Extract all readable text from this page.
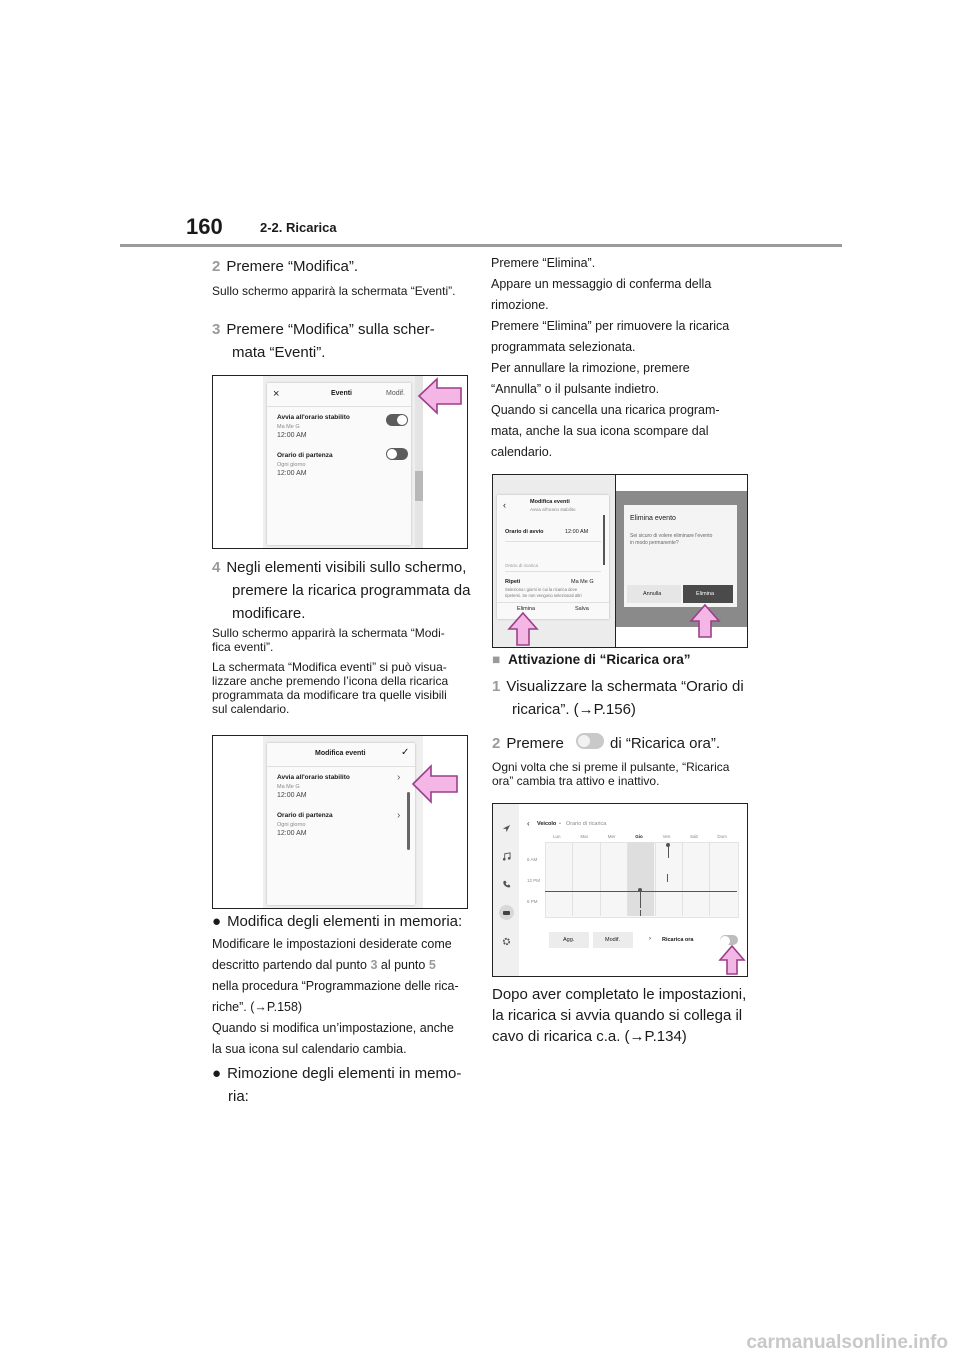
160	2-2. Ricarica
2 Premere “Modifica”.
Sullo schermo apparirà la schermata “Eventi”.
3 Premere “Modifica” sulla scher-
mata “Eventi”.
×	Eventi	Modif.
Avvia all'orario stabilito
Ma Me G
12:00 AM
Orario di partenza
Ogni giorno
12:00 AM
4 Negli elementi visibili sullo schermo,
premere la ricarica programmata da
modificare.
Sullo schermo apparirà la schermata “Modi-
fica eventi”.
La schermata “Modifica eventi” si può visua-
lizzare anche premendo l’icona della ricarica
programmata da modificare tra quelle visibili
sul calendario.
Modifica eventi	✓
Avvia all'orario stabilito
Ma Me G
12:00 AM
›
Orario di partenza
Ogni giorno
12:00 AM
›
● Modifica degli elementi in memoria:
Modificare le impostazioni desiderate come
descritto partendo dal punto 3 al punto 5
nella procedura “Programmazione delle rica-
riche”. (→P.158)
Quando si modifica un’impostazione, anche
la sua icona sul calendario cambia.
● Rimozione degli elementi in memo-
ria:
Premere “Elimina”.
Appare un messaggio di conferma della
rimozione.
Premere “Elimina” per rimuovere la ricarica
programmata selezionata.
Per annullare la rimozione, premere
“Annulla” o il pulsante indietro.
Quando si cancella una ricarica program-
mata, anche la sua icona scompare dal
calendario.
‹	Modifica eventi
Avvia all'orario stabilito
Orario di avvio	12:00 AM
Orario di ricarica
Ripeti	Ma Me G
Seleziona i giorni in cui la ricarica deve
ripetersi. Se non vengono selezionati altri
Elimina	Salva
Elimina evento
Sei sicuro di volere eliminare l'evento
in modo permanente?
Annulla	Elimina
■ Attivazione di “Ricarica ora”
1 Visualizzare la schermata “Orario di
ricarica”. (→P.156)
2 Premere	di “Ricarica ora”.
Ogni volta che si preme il pulsante, “Ricarica
ora” cambia tra attivo e inattivo.
‹ Veicolo • Orario di ricarica
Lun	Mar	Mer	Gio	Ven	Sab	Dom
6 AM
12 PM
6 PM
Agg.	Modif.	› Ricarica ora
Dopo aver completato le impostazioni,
la ricarica si avvia quando si collega il
cavo di ricarica c.a. (→P.134)
carmanualsonline.info
